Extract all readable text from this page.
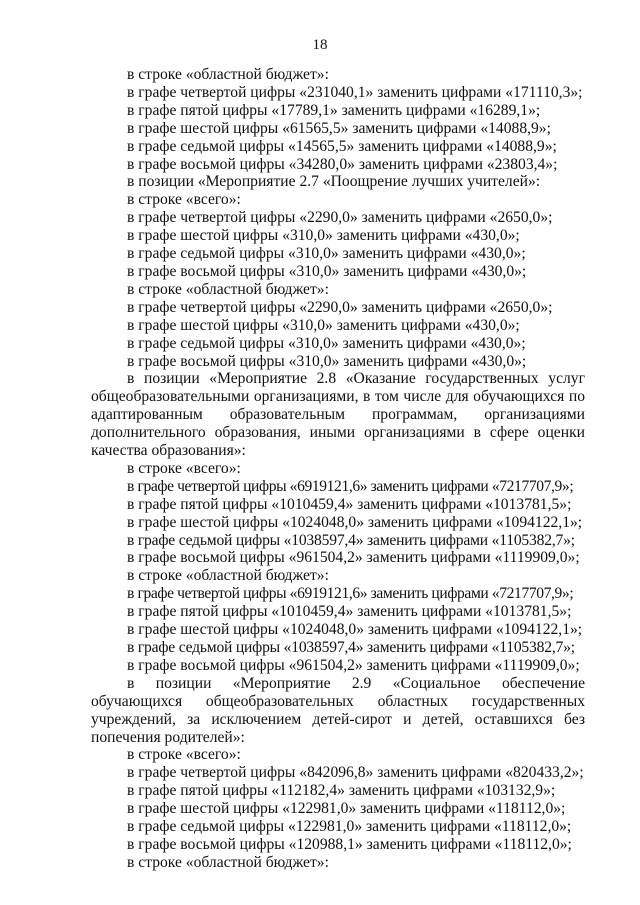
18
в строке «областной бюджет»:
в графе четвертой цифры «231040,1» заменить цифрами «171110,3»;
в графе пятой цифры «17789,1» заменить цифрами «16289,1»;
в графе шестой цифры «61565,5» заменить цифрами «14088,9»;
в графе седьмой цифры «14565,5» заменить цифрами «14088,9»;
в графе восьмой цифры «34280,0» заменить цифрами «23803,4»;
в позиции «Мероприятие 2.7 «Поощрение лучших учителей»:
в строке «всего»:
в графе четвертой цифры «2290,0» заменить цифрами «2650,0»;
в графе шестой цифры «310,0» заменить цифрами «430,0»;
в графе седьмой цифры «310,0» заменить цифрами «430,0»;
в графе восьмой цифры «310,0» заменить цифрами «430,0»;
в строке «областной бюджет»:
в графе четвертой цифры «2290,0» заменить цифрами «2650,0»;
в графе шестой цифры «310,0» заменить цифрами «430,0»;
в графе седьмой цифры «310,0» заменить цифрами «430,0»;
в графе восьмой цифры «310,0» заменить цифрами «430,0»;
в позиции «Мероприятие 2.8 «Оказание государственных услуг общеобразовательными организациями, в том числе для обучающихся по адаптированным образовательным программам, организациями дополнительного образования, иными организациями в сфере оценки качества образования»:
в строке «всего»:
в графе четвертой цифры «6919121,6» заменить цифрами «7217707,9»;
в графе пятой цифры «1010459,4» заменить цифрами «1013781,5»;
в графе шестой цифры «1024048,0» заменить цифрами «1094122,1»;
в графе седьмой цифры «1038597,4» заменить цифрами «1105382,7»;
в графе восьмой цифры «961504,2» заменить цифрами «1119909,0»;
в строке «областной бюджет»:
в графе четвертой цифры «6919121,6» заменить цифрами «7217707,9»;
в графе пятой цифры «1010459,4» заменить цифрами «1013781,5»;
в графе шестой цифры «1024048,0» заменить цифрами «1094122,1»;
в графе седьмой цифры «1038597,4» заменить цифрами «1105382,7»;
в графе восьмой цифры «961504,2» заменить цифрами «1119909,0»;
в позиции «Мероприятие 2.9 «Социальное обеспечение обучающихся общеобразовательных областных государственных учреждений, за исключением детей-сирот и детей, оставшихся без попечения родителей»:
в строке «всего»:
в графе четвертой цифры «842096,8» заменить цифрами «820433,2»;
в графе пятой цифры «112182,4» заменить цифрами «103132,9»;
в графе шестой цифры «122981,0» заменить цифрами «118112,0»;
в графе седьмой цифры «122981,0» заменить цифрами «118112,0»;
в графе восьмой цифры «120988,1» заменить цифрами «118112,0»;
в строке «областной бюджет»:
